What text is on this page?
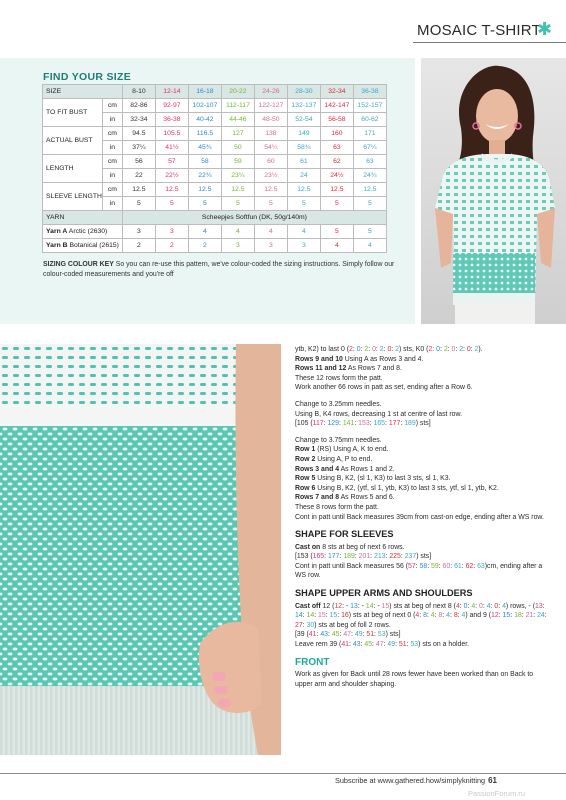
MOSAIC T-SHIRT
✱
FIND YOUR SIZE
SIZE		8-10	12-14	16-18	20-22	24-26	28-30	32-34	36-38
TO FIT BUST	cm	82-86	92-97	102-107	112-117	122-127	132-137	142-147	152-157
	in	32-34	36-38	40-42	44-46	48-50	52-54	56-58	60-62
ACTUAL BUST	cm	94.5	105.5	116.5	127	138	149	160	171
	in	37¼	41½	45¾	50	54¼	58¾	63	67¼
LENGTH	cm	56	57	58	59	60	61	62	63
	in	22	22½	22¾	23¼	23½	24	24½	24¾
SLEEVE LENGTH	cm	12.5	12.5	12.5	12.5	12.5	12.5	12.5	12.5
	in	5	5	5	5	5	5	5	5
YARN		Scheepjes Softfun (DK, 50g/140m)							
Yarn A Arctic (2630)		3	3	4	4	4	4	5	5
Yarn B Botanical (2615)		2	2	2	3	3	3	4	4
SIZING COLOUR KEY So you can re-use this pattern, we've colour-coded the sizing instructions. Simply follow our colour-coded measurements and you're off

ytb, K2) to last 0 (2: 0: 2: 0: 2: 0: 2) sts, K0 (2: 0: 2: 0: 2: 0: 2).

Rows 9 and 10 Using A as Rows 3 and 4.

Rows 11 and 12 As Rows 7 and 8.

These 12 rows form the patt.

Work another 66 rows in patt as set, ending after a Row 6.

Change to 3.25mm needles.

Using B, K4 rows, decreasing 1 st at centre of last row.

[105 (117: 129: 141: 153: 165: 177: 189) sts]

Change to 3.75mm needles.

Row 1 (RS) Using A, K to end.

Row 2 Using A, P to end.

Rows 3 and 4 As Rows 1 and 2.

Row 5 Using B, K2, (sl 1, K3) to last 3 sts, sl 1, K3.

Row 6 Using B, K2, (ytf, sl 1, ytb, K3) to last 3 sts, ytf, sl 1, ytb, K2.

Rows 7 and 8 As Rows 5 and 6.

These 8 rows form the patt.

Cont in patt until Back measures 39cm from cast-on edge, ending after a WS row.

SHAPE FOR SLEEVES

Cast on 8 sts at beg of next 6 rows.

[153 (165: 177: 189: 201: 213: 225: 237) sts]

Cont in patt until Back measures 56 (57: 58: 59: 60: 61: 62: 63)cm, ending after a WS row.

SHAPE UPPER ARMS AND SHOULDERS

Cast off 12 (12: - 13: - 14: - 15) sts at beg of next 8 (4: 0: 4: 0: 4: 0: 4) rows, - (13: 14: 14: 15: 15: 16) sts at beg of next 0 (4: 8: 4: 8: 4: 8: 4) and 9 (12: 15: 18: 21: 24: 27: 30) sts at beg of foll 2 rows.

[39 (41: 43: 45: 47: 49: 51: 53) sts]

Leave rem 39 (41: 43: 45: 47: 49: 51: 53) sts on a holder.

FRONT

Work as given for Back until 28 rows fewer have been worked than on Back to upper arm and shoulder shaping.

Subscribe at www.gathered.how/simplyknitting 61
PassionForum.ru
